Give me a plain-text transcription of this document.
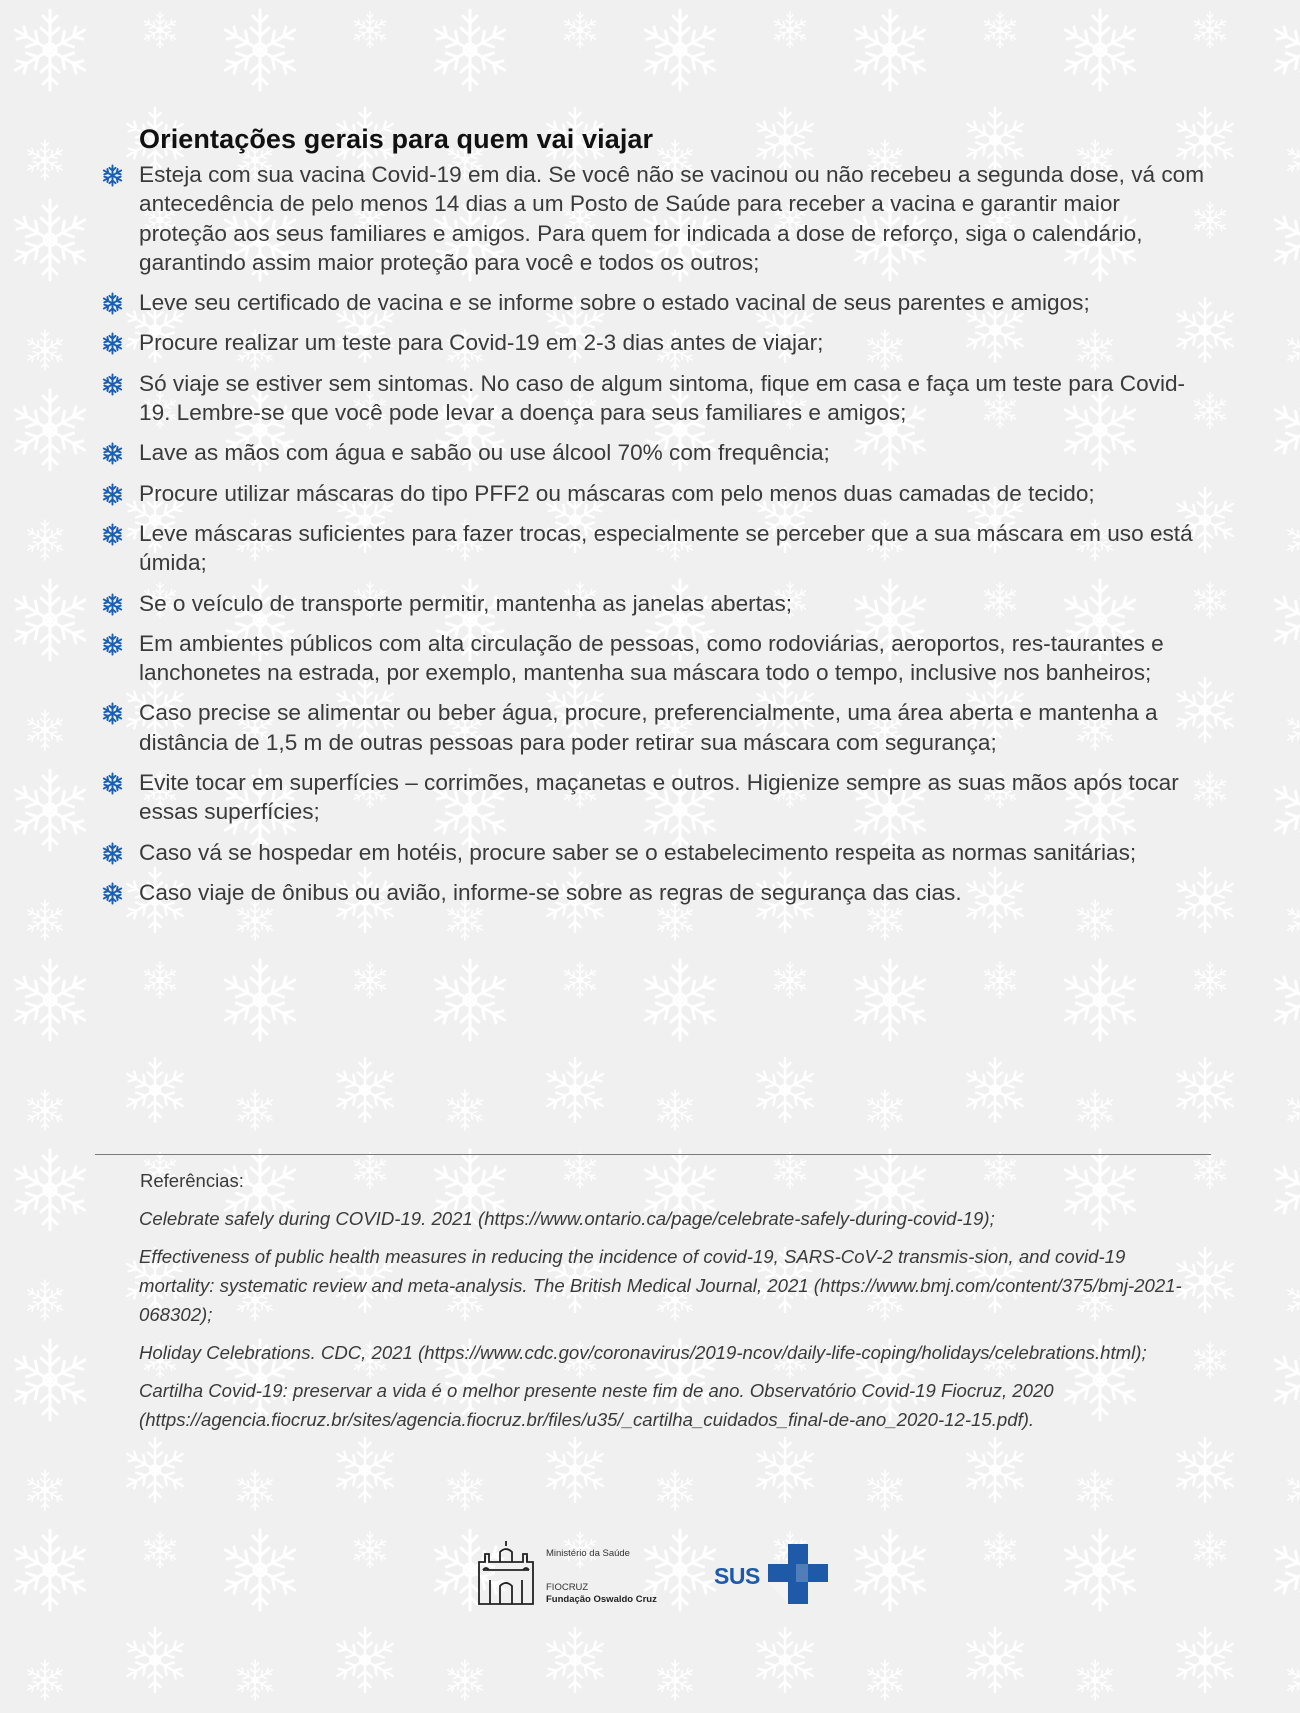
Orientações gerais para quem vai viajar
Esteja com sua vacina Covid-19 em dia. Se você não se vacinou ou não recebeu a segunda dose, vá com antecedência de pelo menos 14 dias a um Posto de Saúde para receber a vacina e garantir maior proteção aos seus familiares e amigos. Para quem for indicada a dose de reforço, siga o calendário, garantindo assim maior proteção para você e todos os outros;
Leve seu certificado de vacina e se informe sobre o estado vacinal de seus parentes e amigos;
Procure realizar um teste para Covid-19 em 2-3 dias antes de viajar;
Só viaje se estiver sem sintomas. No caso de algum sintoma, fique em casa e faça um teste para Covid-19. Lembre-se que você pode levar a doença para seus familiares e amigos;
Lave as mãos com água e sabão ou use álcool 70% com frequência;
Procure utilizar máscaras do tipo PFF2 ou máscaras com pelo menos duas camadas de tecido;
Leve máscaras suficientes para fazer trocas, especialmente se perceber que a sua máscara em uso está úmida;
Se o veículo de transporte permitir, mantenha as janelas abertas;
Em ambientes públicos com alta circulação de pessoas, como rodoviárias, aeroportos, res-taurantes e lanchonetes na estrada, por exemplo, mantenha sua máscara todo o tempo, inclusive nos banheiros;
Caso precise se alimentar ou beber água, procure, preferencialmente, uma área aberta e mantenha a distância de 1,5 m de outras pessoas para poder retirar sua máscara com segurança;
Evite tocar em superfícies – corrimões, maçanetas e outros. Higienize sempre as suas mãos após tocar essas superfícies;
Caso vá se hospedar em hotéis, procure saber se o estabelecimento respeita as normas sanitárias;
Caso viaje de ônibus ou avião, informe-se sobre as regras de segurança das cias.
Referências:
Celebrate safely during COVID-19. 2021 (https://www.ontario.ca/page/celebrate-safely-during-covid-19);
Effectiveness of public health measures in reducing the incidence of covid-19, SARS-CoV-2 transmis-sion, and covid-19 mortality: systematic review and meta-analysis. The British Medical Journal, 2021 (https://www.bmj.com/content/375/bmj-2021-068302);
Holiday Celebrations. CDC, 2021 (https://www.cdc.gov/coronavirus/2019-ncov/daily-life-coping/holidays/celebrations.html);
Cartilha Covid-19: preservar a vida é o melhor presente neste fim de ano. Observatório Covid-19 Fiocruz, 2020 (https://agencia.fiocruz.br/sites/agencia.fiocruz.br/files/u35/_cartilha_cuidados_final-de-ano_2020-12-15.pdf).
Ministério da Saúde
FIOCRUZ
Fundação Oswaldo Cruz
SUS
